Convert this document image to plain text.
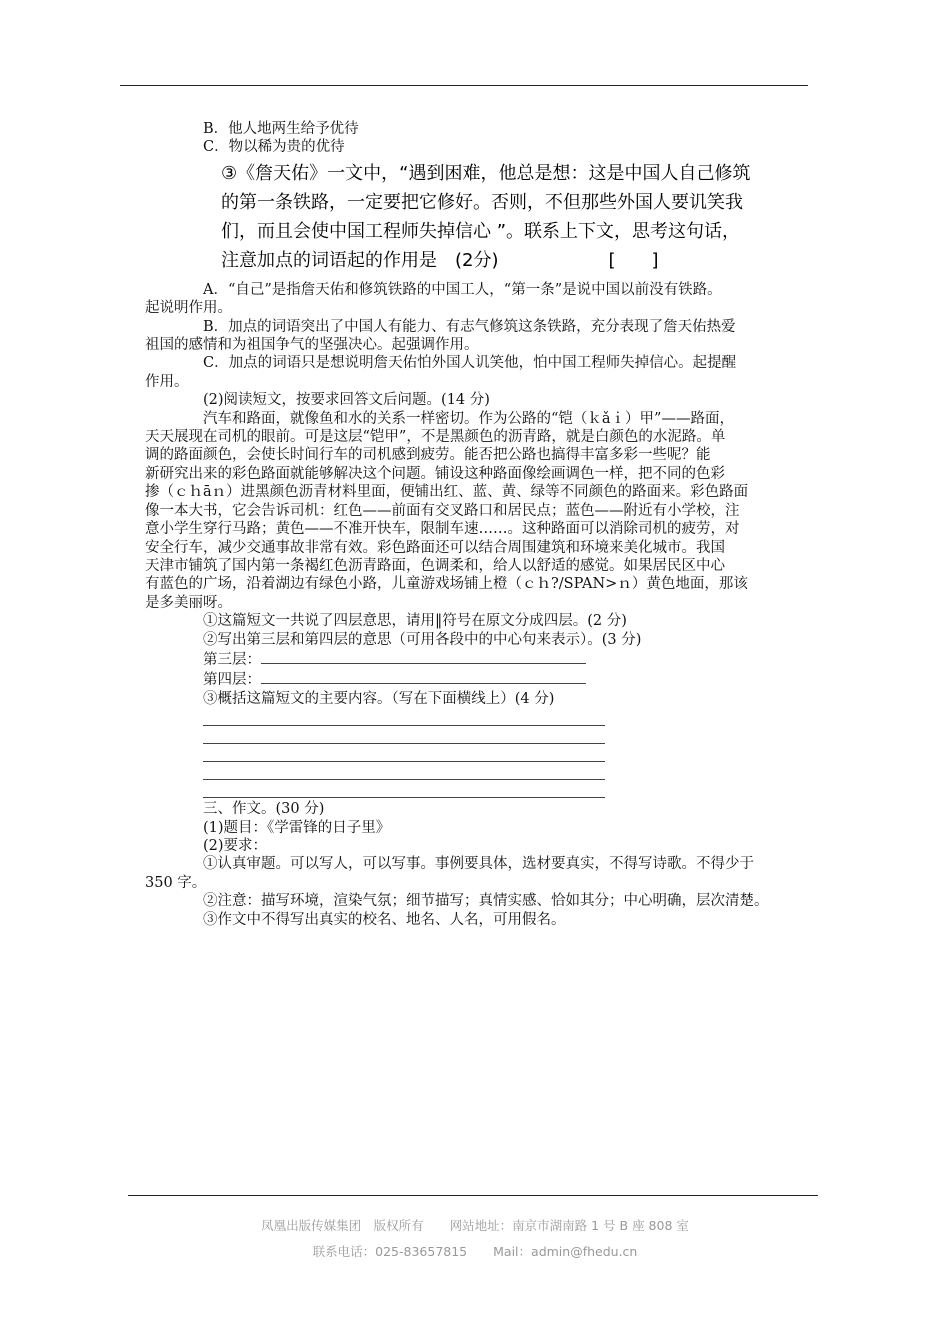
B．他人地两生给予优待

C．物以稀为贵的优待

③《詹天佑》一文中，“遇到困难，他总是想：这是中国人自己修筑
的第一条铁路，一定要把它修好。否则，不但那些外国人要讥笑我
们，而且会使中国工程师失掉信心 ”。联系上下文，思考这句话，
注意加点的词语起的作用是　(2分)	[　　]

A．“自己”是指詹天佑和修筑铁路的中国工人，“第一条”是说中国以前没有铁路。

起说明作用。

B．加点的词语突出了中国人有能力、有志气修筑这条铁路，充分表现了詹天佑热爱

祖国的感情和为祖国争气的坚强决心。起强调作用。

C．加点的词语只是想说明詹天佑怕外国人讥笑他，怕中国工程师失掉信心。起提醒

作用。

(2)阅读短文，按要求回答文后问题。(14 分)

汽车和路面，就像鱼和水的关系一样密切。作为公路的“铠（ｋǎｉ）甲”——路面，

天天展现在司机的眼前。可是这层“铠甲”，不是黑颜色的沥青路，就是白颜色的水泥路。单

调的路面颜色，会使长时间行车的司机感到疲劳。能否把公路也搞得丰富多彩一些呢？能

新研究出来的彩色路面就能够解决这个问题。铺设这种路面像绘画调色一样，把不同的色彩

掺（ｃｈāｎ）进黑颜色沥青材料里面，便铺出红、蓝、黄、绿等不同颜色的路面来。彩色路面

像一本大书，它会告诉司机：红色——前面有交叉路口和居民点；蓝色——附近有小学校，注

意小学生穿行马路；黄色——不准开快车，限制车速……。这种路面可以消除司机的疲劳，对

安全行车，减少交通事故非常有效。彩色路面还可以结合周围建筑和环境来美化城市。我国

天津市铺筑了国内第一条褐红色沥青路面，色调柔和，给人以舒适的感觉。如果居民区中心

有蓝色的广场，沿着湖边有绿色小路，儿童游戏场铺上橙（ｃｈ?/SPAN>ｎ）黄色地面，那该

是多美丽呀。

①这篇短文一共说了四层意思，请用‖符号在原文分成四层。(2 分)

②写出第三层和第四层的意思（可用各段中的中心句来表示）。(3 分)

第三层：

第四层：

③概括这篇短文的主要内容。（写在下面横线上）(4 分)

三、作文。(30 分)

(1)题目：《学雷锋的日子里》

(2)要求：

①认真审题。可以写人，可以写事。事例要具体，选材要真实，不得写诗歌。不得少于

350 字。

②注意：描写环境，渲染气氛；细节描写；真情实感、恰如其分；中心明确，层次清楚。

③作文中不得写出真实的校名、地名、人名，可用假名。

凤凰出版传媒集团　版权所有 网站地址：南京市湖南路 1 号 B 座 808 室
联系电话：025-83657815 Mail：admin@fhedu.cn
